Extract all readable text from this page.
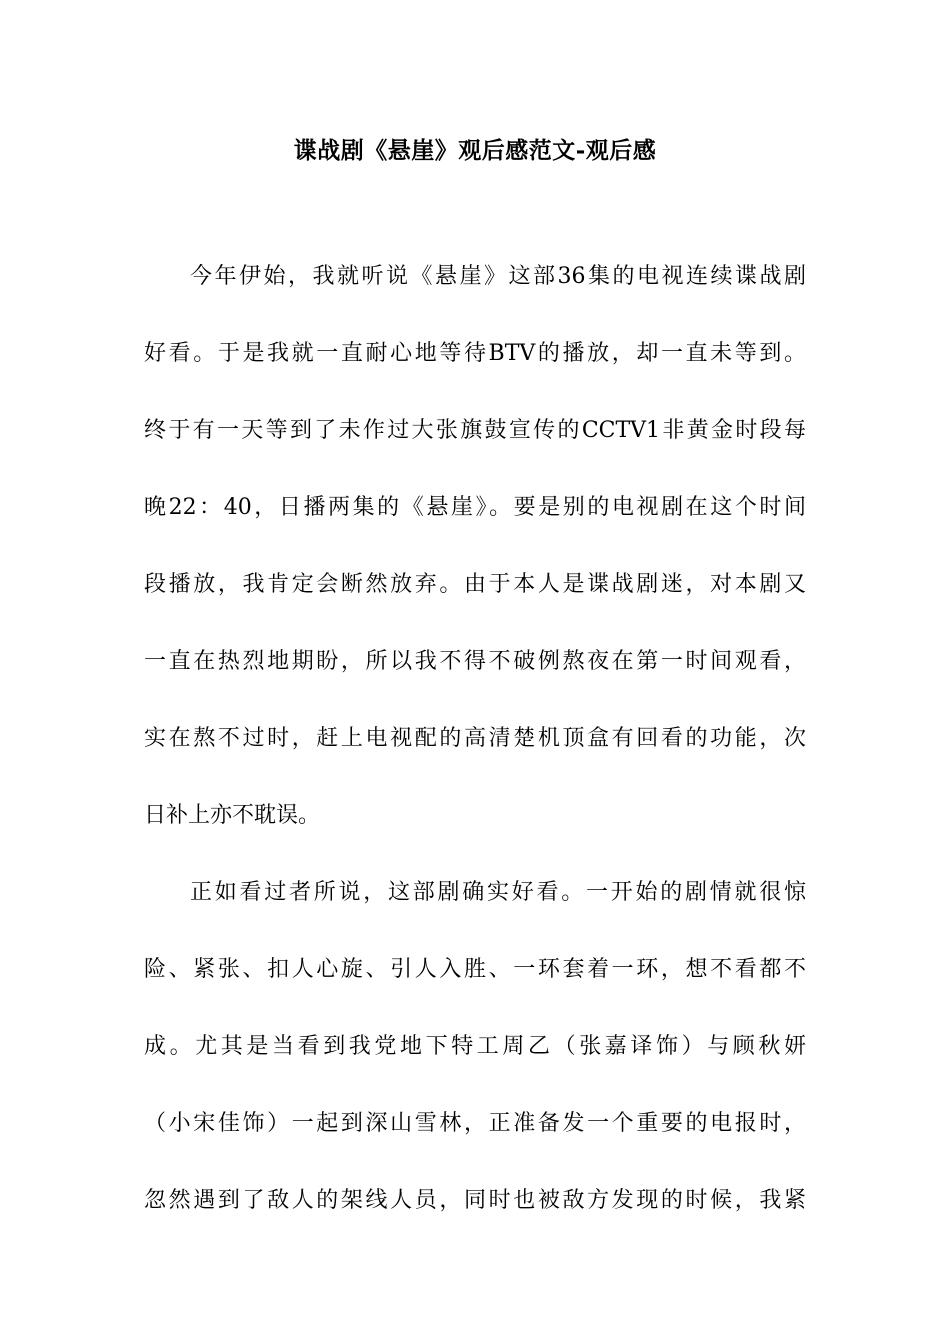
谍战剧《悬崖》观后感范文-观后感
今年伊始，我就听说《悬崖》这部36集的电视连续谍战剧
好看。于是我就一直耐心地等待BTV的播放，却一直未等到。
终于有一天等到了未作过大张旗鼓宣传的CCTV1非黄金时段每
晚22：40，日播两集的《悬崖》。要是别的电视剧在这个时间
段播放，我肯定会断然放弃。由于本人是谍战剧迷，对本剧又
一直在热烈地期盼，所以我不得不破例熬夜在第一时间观看，
实在熬不过时，赶上电视配的高清楚机顶盒有回看的功能，次
日补上亦不耽误。
正如看过者所说，这部剧确实好看。一开始的剧情就很惊
险、紧张、扣人心旋、引人入胜、一环套着一环，想不看都不
成。尤其是当看到我党地下特工周乙（张嘉译饰）与顾秋妍
（小宋佳饰）一起到深山雪林，正准备发一个重要的电报时，
忽然遇到了敌人的架线人员，同时也被敌方发现的时候，我紧
